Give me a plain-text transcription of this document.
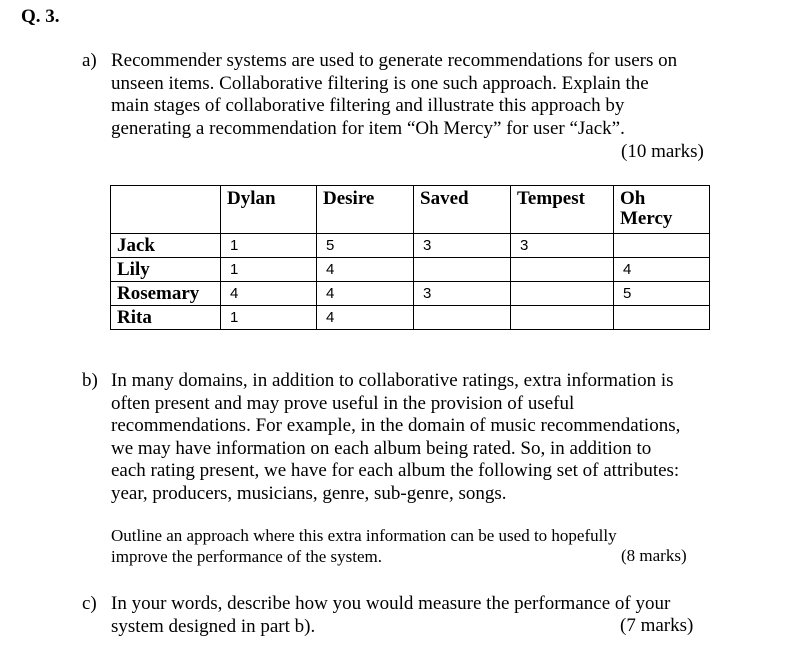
Q. 3.
a) Recommender systems are used to generate recommendations for users on
unseen items. Collaborative filtering is one such approach. Explain the
main stages of collaborative filtering and illustrate this approach by
generating a recommendation for item “Oh Mercy” for user “Jack”.
(10 marks)
	Dylan	Desire	Saved	Tempest	Oh
Mercy

Jack	1	5	3	3	
Lily	1	4			4
Rosemary	4	4	3		5
Rita	1	4			
b) In many domains, in addition to collaborative ratings, extra information is
often present and may prove useful in the provision of useful
recommendations. For example, in the domain of music recommendations,
we may have information on each album being rated. So, in addition to
each rating present, we have for each album the following set of attributes:
year, producers, musicians, genre, sub-genre, songs.
Outline an approach where this extra information can be used to hopefully
improve the performance of the system.	(8 marks)
c) In your words, describe how you would measure the performance of your
system designed in part b).	(7 marks)
